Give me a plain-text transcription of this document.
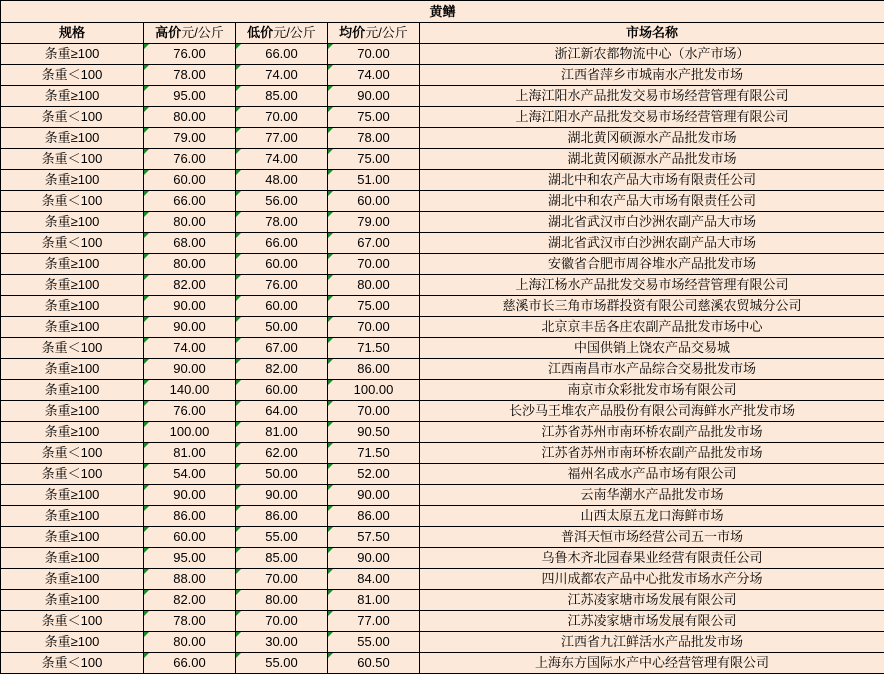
黄鳝				
规格	高价元/公斤	低价元/公斤	均价元/公斤	市场名称
条重≥100	76.00	66.00	70.00	浙江新农都物流中心（水产市场）
条重＜100	78.00	74.00	74.00	江西省萍乡市城南水产批发市场
条重≥100	95.00	85.00	90.00	上海江阳水产品批发交易市场经营管理有限公司
条重＜100	80.00	70.00	75.00	上海江阳水产品批发交易市场经营管理有限公司
条重≥100	79.00	77.00	78.00	湖北黄冈硕源水产品批发市场
条重＜100	76.00	74.00	75.00	湖北黄冈硕源水产品批发市场
条重≥100	60.00	48.00	51.00	湖北中和农产品大市场有限责任公司
条重＜100	66.00	56.00	60.00	湖北中和农产品大市场有限责任公司
条重≥100	80.00	78.00	79.00	湖北省武汉市白沙洲农副产品大市场
条重＜100	68.00	66.00	67.00	湖北省武汉市白沙洲农副产品大市场
条重≥100	80.00	60.00	70.00	安徽省合肥市周谷堆水产品批发市场
条重≥100	82.00	76.00	80.00	上海江杨水产品批发交易市场经营管理有限公司
条重≥100	90.00	60.00	75.00	慈溪市长三角市场群投资有限公司慈溪农贸城分公司
条重≥100	90.00	50.00	70.00	北京京丰岳各庄农副产品批发市场中心
条重＜100	74.00	67.00	71.50	中国供销上饶农产品交易城
条重≥100	90.00	82.00	86.00	江西南昌市水产品综合交易批发市场
条重≥100	140.00	60.00	100.00	南京市众彩批发市场有限公司
条重≥100	76.00	64.00	70.00	长沙马王堆农产品股份有限公司海鲜水产批发市场
条重≥100	100.00	81.00	90.50	江苏省苏州市南环桥农副产品批发市场
条重＜100	81.00	62.00	71.50	江苏省苏州市南环桥农副产品批发市场
条重＜100	54.00	50.00	52.00	福州名成水产品市场有限公司
条重≥100	90.00	90.00	90.00	云南华潮水产品批发市场
条重≥100	86.00	86.00	86.00	山西太原五龙口海鲜市场
条重≥100	60.00	55.00	57.50	普洱天恒市场经营公司五一市场
条重≥100	95.00	85.00	90.00	乌鲁木齐北园春果业经营有限责任公司
条重≥100	88.00	70.00	84.00	四川成都农产品中心批发市场水产分场
条重≥100	82.00	80.00	81.00	江苏凌家塘市场发展有限公司
条重＜100	78.00	70.00	77.00	江苏凌家塘市场发展有限公司
条重≥100	80.00	30.00	55.00	江西省九江鲜活水产品批发市场
条重＜100	66.00	55.00	60.50	上海东方国际水产中心经营管理有限公司
